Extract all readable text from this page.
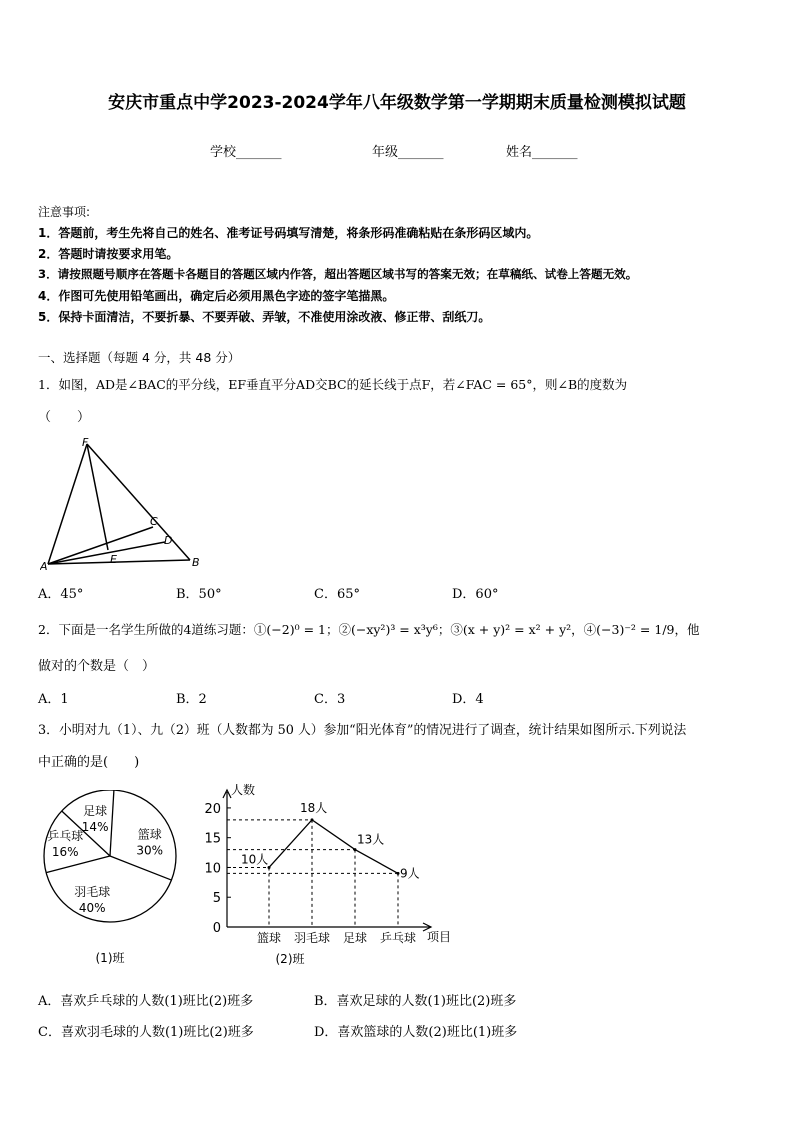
安庆市重点中学2023-2024学年八年级数学第一学期期末质量检测模拟试题
学校_______	年级_______	姓名_______
注意事项:
1．答题前，考生先将自己的姓名、准考证号码填写清楚，将条形码准确粘贴在条形码区域内。
2．答题时请按要求用笔。
3．请按照题号顺序在答题卡各题目的答题区域内作答，超出答题区域书写的答案无效；在草稿纸、试卷上答题无效。
4．作图可先使用铅笔画出，确定后必须用黑色字迹的签字笔描黑。
5．保持卡面清洁，不要折暴、不要弄破、弄皱，不准使用涂改液、修正带、刮纸刀。
一、选择题（每题 4 分，共 48 分）
1．如图，AD是∠BAC的平分线，EF垂直平分AD交BC的延长线于点F，若∠FAC = 65°，则∠B的度数为
（　　）
F
C
D
A
E	B
A．45°	B．50°	C．65°	D．60°
2．下面是一名学生所做的4道练习题：①(−2)⁰ = 1；②(−xy²)³ = x³y⁶；③(x + y)² = x² + y²，④(−3)⁻² = 1/9，他
做对的个数是（　）
A．1	B．2	C．3	D．4
3．小明对九（1）、九（2）班（人数都为 50 人）参加“阳光体育”的情况进行了调查，统计结果如图所示.下列说法
中正确的是(　　)
足球
14%
篮球
30%
羽毛球
40%
乒乓球
16%
(1)班
人数
项目
0
5
10
15
20
10人
18人
13人
9人
篮球 羽毛球 足球 乒乓球
(2)班
A．喜欢乒乓球的人数(1)班比(2)班多	B．喜欢足球的人数(1)班比(2)班多
C．喜欢羽毛球的人数(1)班比(2)班多	D．喜欢篮球的人数(2)班比(1)班多
